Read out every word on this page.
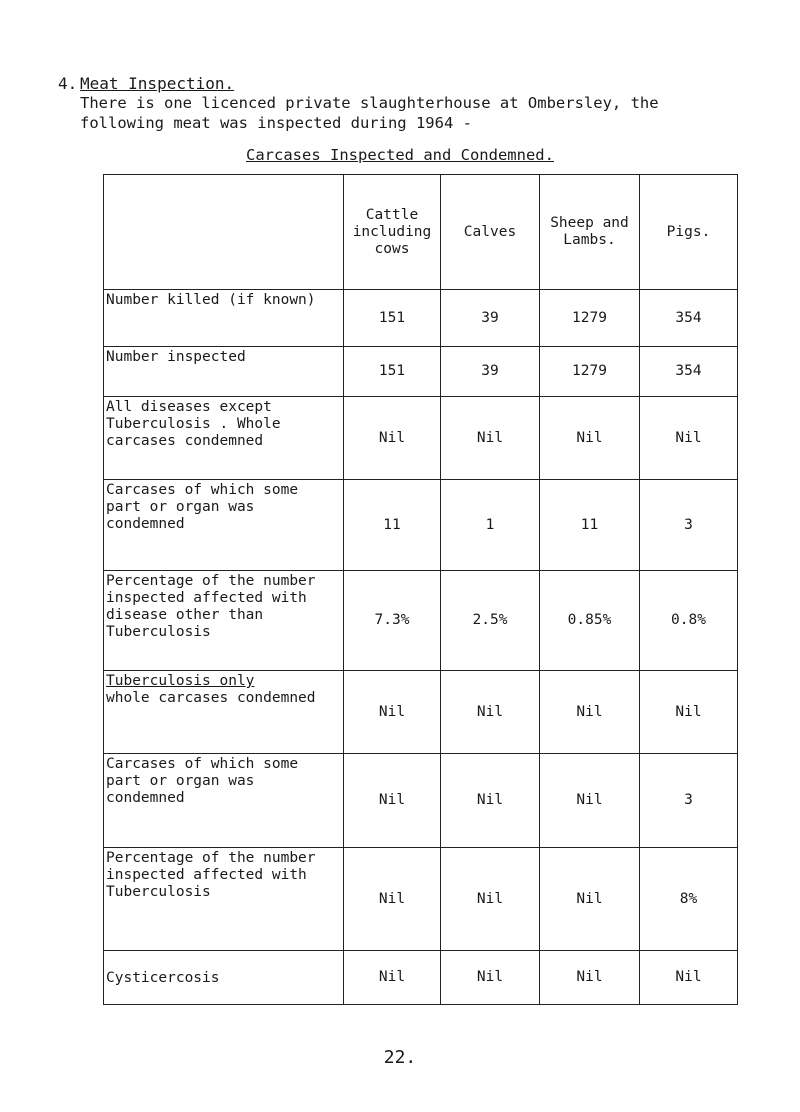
4. Meat Inspection.
There is one licenced private slaughterhouse at Ombersley, the following meat was inspected during 1964 -
Carcases Inspected and Condemned.
	Cattle including cows	Calves	Sheep and Lambs.	Pigs.
Number killed (if known)	151	39	1279	354
Number inspected	151	39	1279	354
All diseases except Tuberculosis . Whole carcases condemned	Nil	Nil	Nil	Nil
Carcases of which some part or organ was condemned	11	1	11	3
Percentage of the number inspected affected with disease other than Tuberculosis	7.3%	2.5%	0.85%	0.8%
Tuberculosis only
whole carcases condemned	Nil	Nil	Nil	Nil
Carcases of which some part or organ was condemned	Nil	Nil	Nil	3
Percentage of the number inspected affected with Tuberculosis	Nil	Nil	Nil	8%
Cysticercosis	Nil	Nil	Nil	Nil
22.
